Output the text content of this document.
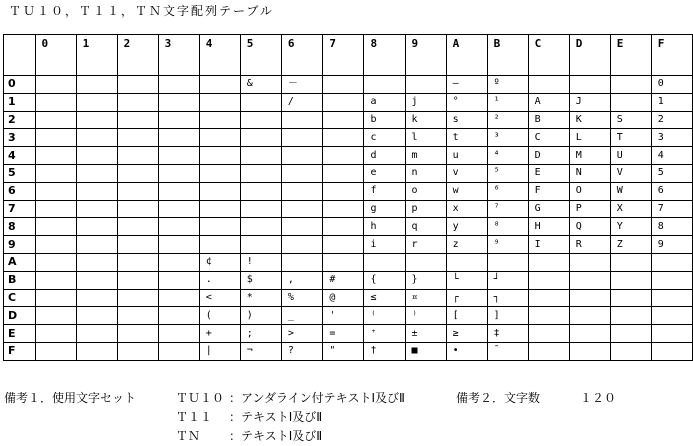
ＴＵ１０，Ｔ１１，ＴＮ文字配列テーブル
	0	1	2	3	4	5	6	7	8	9	A	B	C	D	E	F
0						&	－				–	º				0
1							/		a	j	°	¹	A	J		1
2									b	k	s	²	B	K	S	2
3									c	l	t	³	C	L	T	3
4									d	m	u	⁴	D	M	U	4
5									e	n	v	⁵	E	N	V	5
6									f	o	w	⁶	F	O	W	6
7									g	p	x	⁷	G	P	X	7
8									h	q	y	⁸	H	Q	Y	8
9									i	r	z	⁹	I	R	Z	9
A					¢	!										
B					.	$	,	#	{	}	└	┘				
C					<	*	%	@	≤	¤	┌	┐				
D					(	)	_	'	⁽	⁾	[	]				
E					+	;	>	=	⁺	±	≥	‡				
F					|	¬	?	"	†	■	•	¯				
備考１．使用文字セット	ＴＵ１０ ：アンダライン付テキストⅠ及びⅡ	備考２．文字数	１２０
Ｔ１１ ：テキストⅠ及びⅡ
ＴＮ ：テキストⅠ及びⅡ
